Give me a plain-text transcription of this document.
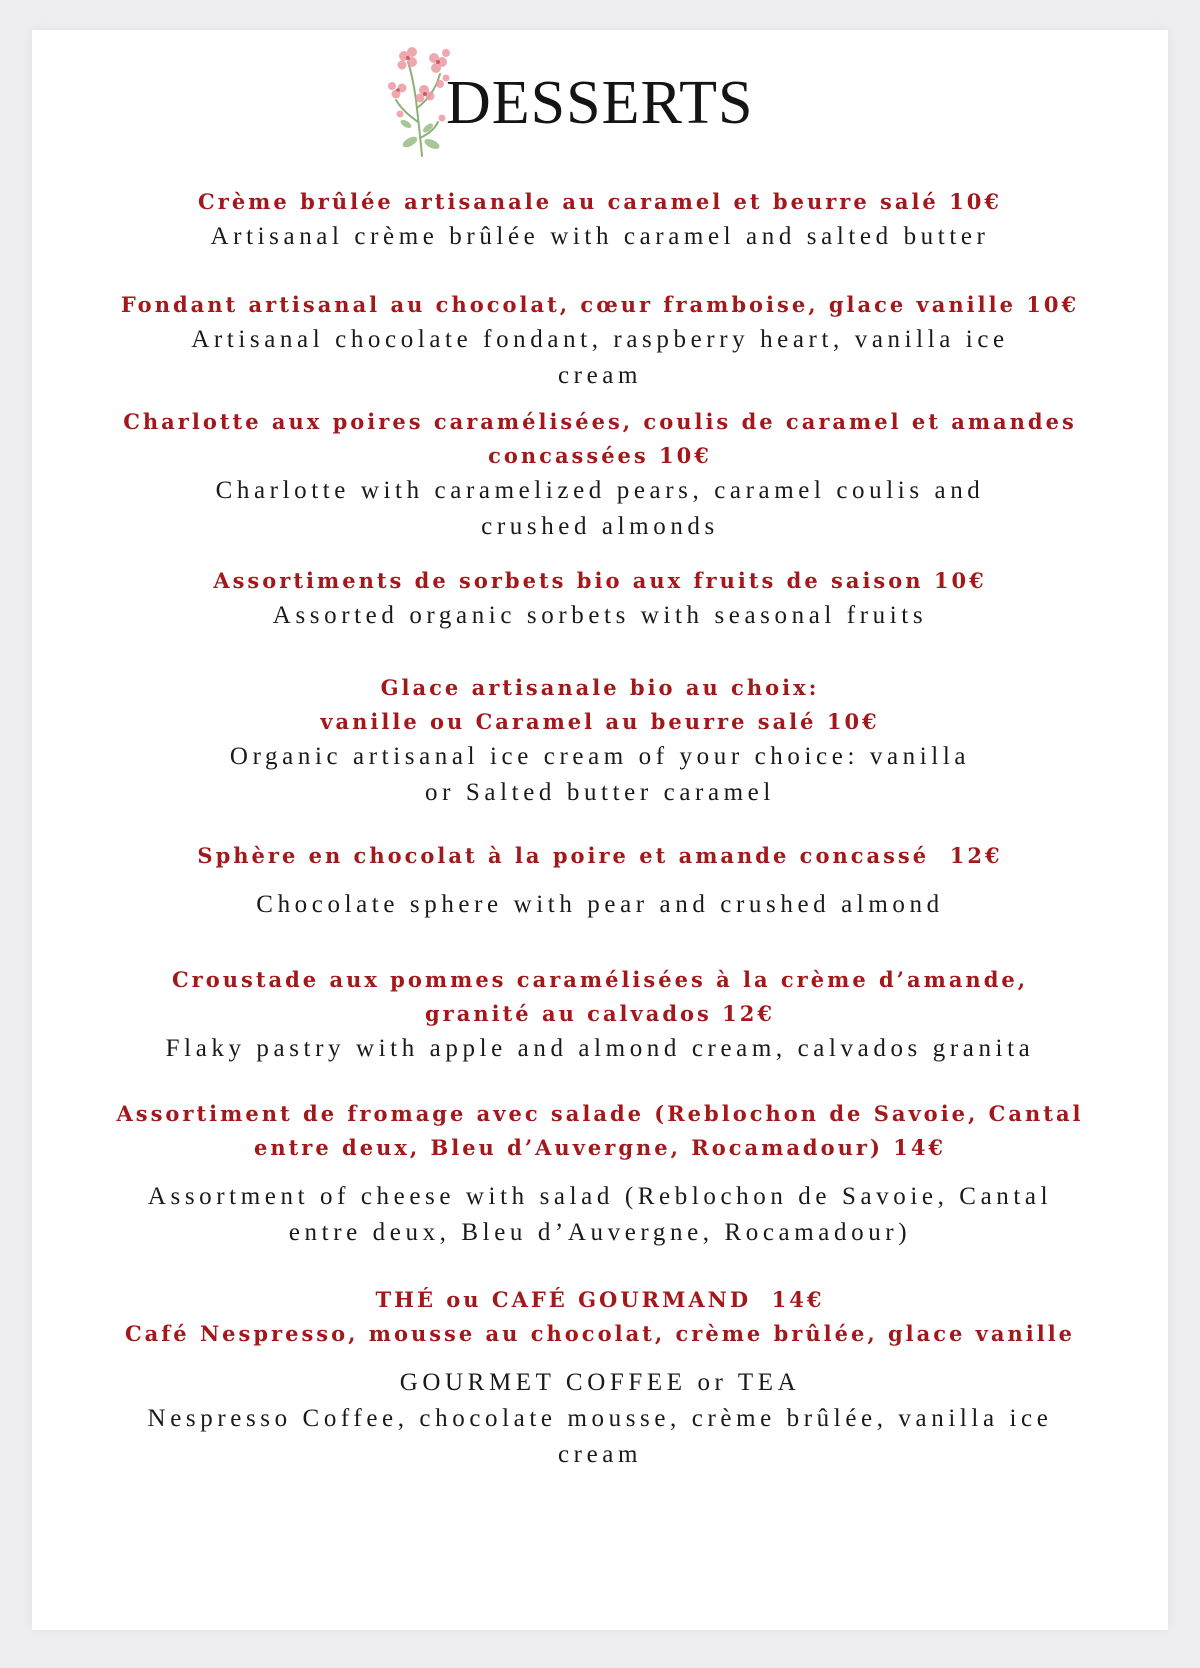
DESSERTS
Crème brûlée artisanale au caramel et beurre salé 10€
Artisanal crème brûlée with caramel and salted butter
Fondant artisanal au chocolat, cœur framboise, glace vanille 10€
Artisanal chocolate fondant, raspberry heart, vanilla ice
cream
Charlotte aux poires caramélisées, coulis de caramel et amandes
concassées 10€
Charlotte with caramelized pears, caramel coulis and
crushed almonds
Assortiments de sorbets bio aux fruits de saison 10€
Assorted organic sorbets with seasonal fruits
Glace artisanale bio au choix:
vanille ou Caramel au beurre salé 10€
Organic artisanal ice cream of your choice: vanilla
or Salted butter caramel
Sphère en chocolat à la poire et amande concassé  12€
Chocolate sphere with pear and crushed almond
Croustade aux pommes caramélisées à la crème d’amande,
granité au calvados 12€
Flaky pastry with apple and almond cream, calvados granita
Assortiment de fromage avec salade (Reblochon de Savoie, Cantal
entre deux, Bleu d’Auvergne, Rocamadour) 14€
Assortment of cheese with salad (Reblochon de Savoie, Cantal
entre deux, Bleu d’Auvergne, Rocamadour)
THÉ ou CAFÉ GOURMAND  14€
Café Nespresso, mousse au chocolat, crème brûlée, glace vanille
GOURMET COFFEE or TEA
Nespresso Coffee, chocolate mousse, crème brûlée, vanilla ice
cream
